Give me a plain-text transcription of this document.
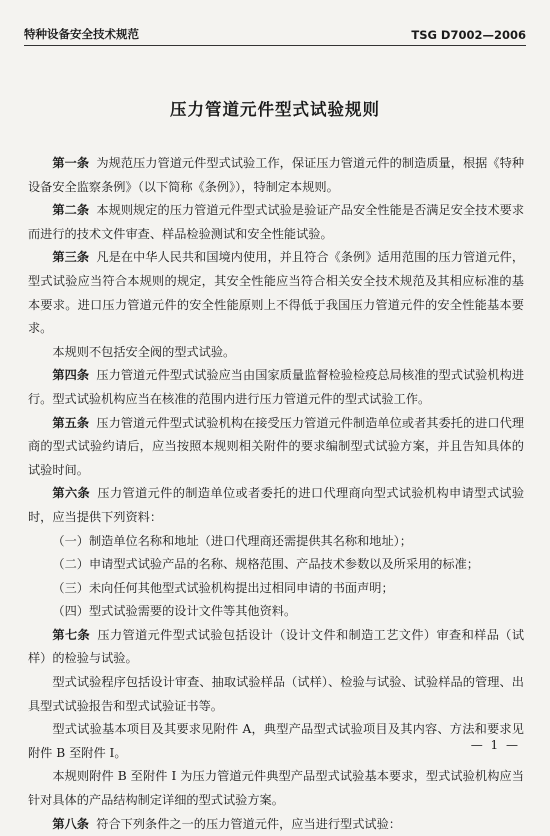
特种设备安全技术规范	TSG D7002—2006
压力管道元件型式试验规则

第一条 为规范压力管道元件型式试验工作，保证压力管道元件的制造质量，根据《特种设备安全监察条例》（以下简称《条例》），特制定本规则。

第二条 本规则规定的压力管道元件型式试验是验证产品安全性能是否满足安全技术要求而进行的技术文件审查、样品检验测试和安全性能试验。

第三条 凡是在中华人民共和国境内使用，并且符合《条例》适用范围的压力管道元件，型式试验应当符合本规则的规定，其安全性能应当符合相关安全技术规范及其相应标准的基本要求。进口压力管道元件的安全性能原则上不得低于我国压力管道元件的安全性能基本要求。

本规则不包括安全阀的型式试验。

第四条 压力管道元件型式试验应当由国家质量监督检验检疫总局核准的型式试验机构进行。型式试验机构应当在核准的范围内进行压力管道元件的型式试验工作。

第五条 压力管道元件型式试验机构在接受压力管道元件制造单位或者其委托的进口代理商的型式试验约请后，应当按照本规则相关附件的要求编制型式试验方案，并且告知具体的试验时间。

第六条 压力管道元件的制造单位或者委托的进口代理商向型式试验机构申请型式试验时，应当提供下列资料：

（一）制造单位名称和地址（进口代理商还需提供其名称和地址）；

（二）申请型式试验产品的名称、规格范围、产品技术参数以及所采用的标准；

（三）未向任何其他型式试验机构提出过相同申请的书面声明；

（四）型式试验需要的设计文件等其他资料。

第七条 压力管道元件型式试验包括设计（设计文件和制造工艺文件）审查和样品（试样）的检验与试验。

型式试验程序包括设计审查、抽取试验样品（试样）、检验与试验、试验样品的管理、出具型式试验报告和型式试验证书等。

型式试验基本项目及其要求见附件 A，典型产品型式试验项目及其内容、方法和要求见附件 B 至附件 I。

本规则附件 B 至附件 I 为压力管道元件典型产品型式试验基本要求，型式试验机构应当针对具体的产品结构制定详细的型式试验方案。

第八条 符合下列条件之一的压力管道元件，应当进行型式试验：

— 1 —
